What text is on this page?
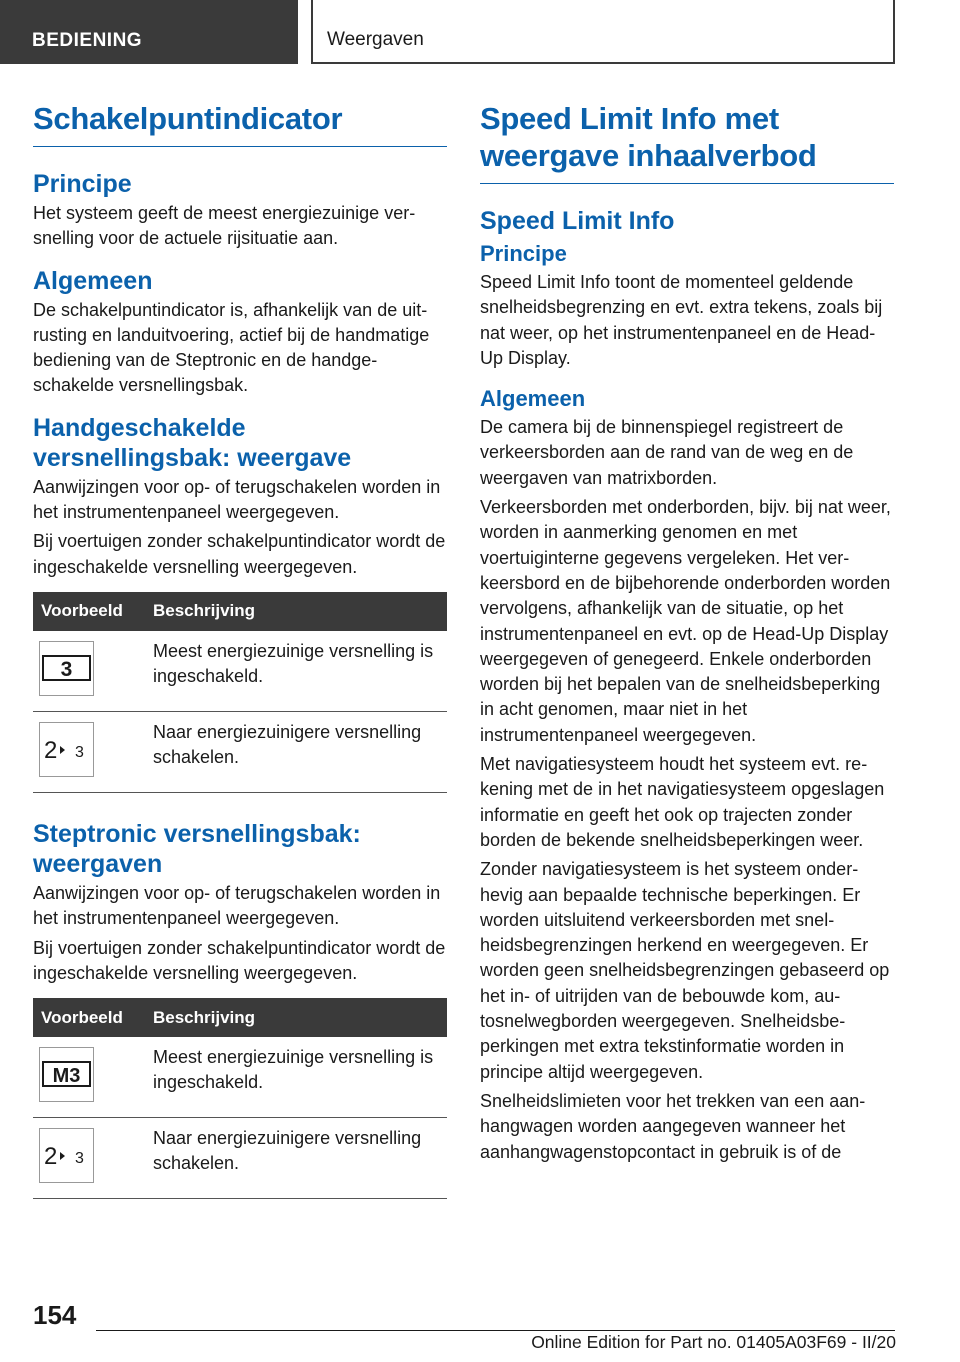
BEDIENING	Weergaven
Schakelpuntindicator
Principe

Het systeem geeft de meest energiezuinige versnelling voor de actuele rijsituatie aan.

Algemeen

De schakelpuntindicator is, afhankelijk van de uitrusting en landuitvoering, actief bij de handmatige bediening van de Steptronic en de handgeschakelde versnellingsbak.

Handgeschakelde versnellingsbak: weergave

Aanwijzingen voor op- of terugschakelen worden in het instrumentenpaneel weergegeven.

Bij voertuigen zonder schakelpuntindicator wordt de ingeschakelde versnelling weergegeven.

Voorbeeld	Beschrijving

3	Meest energiezuinige versnelling is ingeschakeld.

2 3	Naar energiezuinigere versnelling schakelen.
Steptronic versnellingsbak: weergaven

Aanwijzingen voor op- of terugschakelen worden in het instrumentenpaneel weergegeven.

Bij voertuigen zonder schakelpuntindicator wordt de ingeschakelde versnelling weergegeven.

Voorbeeld	Beschrijving

M3	Meest energiezuinige versnelling is ingeschakeld.

2 3	Naar energiezuinigere versnelling schakelen.
Speed Limit Info met weergave inhaalverbod
Speed Limit Info
Principe

Speed Limit Info toont de momenteel geldende snelheidsbegrenzing en evt. extra tekens, zoals bij nat weer, op het instrumentenpaneel en de Head-Up Display.

Algemeen

De camera bij de binnenspiegel registreert de verkeersborden aan de rand van de weg en de weergaven van matrixborden.

Verkeersborden met onderborden, bijv. bij nat weer, worden in aanmerking genomen en met voertuiginterne gegevens vergeleken. Het verkeersbord en de bijbehorende onderborden worden vervolgens, afhankelijk van de situatie, op het instrumentenpaneel en evt. op de Head-Up Display weergegeven of genegeerd. Enkele onderborden worden bij het bepalen van de snelheidsbeperking in acht genomen, maar niet in het instrumentenpaneel weergegeven.

Met navigatiesysteem houdt het systeem evt. rekening met de in het navigatiesysteem opgeslagen informatie en geeft het ook op trajecten zonder borden de bekende snelheidsbeperkingen weer.

Zonder navigatiesysteem is het systeem onderhevig aan bepaalde technische beperkingen. Er worden uitsluitend verkeersborden met snelheidsbegrenzingen herkend en weergegeven. Er worden geen snelheidsbegrenzingen gebaseerd op het in- of uitrijden van de bebouwde kom, autosnelwegborden weergegeven. Snelheidsbeperkingen met extra tekstinformatie worden in principe altijd weergegeven.

Snelheidslimieten voor het trekken van een aanhangwagen worden aangegeven wanneer het aanhangwagenstopcontact in gebruik is of de

154
Online Edition for Part no. 01405A03F69 - II/20
